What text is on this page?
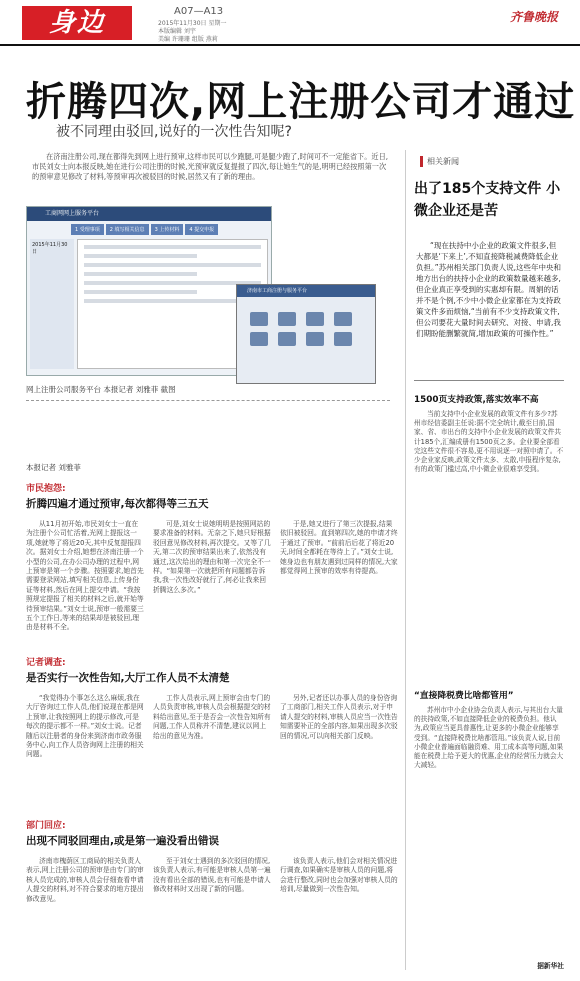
身边	A07—A13
2015年11月30日 星期一
本版编辑 刘宇
美编 许珊珊 组版 燕莉
齐鲁晚报
折腾四次,网上注册公司才通过
被不同理由驳回,说好的一次性告知呢?
在济南注册公司,现在都得先到网上进行预审,这样市民可以少跑腿,可是腿少跑了,时间可不一定能省下。近日,市民刘女士向本报反映,她在进行公司注册的时候,光预审就反复提报了四次,每让她生气的是,明明已经按照第一次的预审意见修改了材料,等预审再次被驳回的时候,居然又有了新的理由。
工商网网上服务平台
1 受理事项	2 填写相关信息	3 上传材料	4 提交申报
2015年11月30日
济南市工商注册与服务平台
网上注册公司服务平台 本报记者 刘雅菲 截图
本报记者 刘雅菲
市民抱怨:
折腾四遍才通过预审,每次都得等三五天
从11月初开始,市民刘女士一直在为注册个公司忙活着,光网上提报这一项,她就等了将近20天,其中反复提报四次。据刘女士介绍,她想在济南注册一个小型的公司,在办公司办理的过程中,网上预审是第一个步骤。按照要求,她首先需要登录网站,填写相关信息,上传身份证等材料,然后在网上提交申请。“我按照规定提报了相关的材料之后,就开始等待预审结果。”刘女士说,预审一般需要三五个工作日,等来的结果却是被驳回,理由是材料不全。
可是,刘女士说她明明是按照网站的要求准备的材料。无奈之下,她只好根据驳回意见修改材料,再次提交。又等了几天,第二次的预审结果出来了,依然没有通过,这次给出的理由和第一次完全不一样。“如果第一次就把所有问题都告诉我,我一次性改好就行了,何必让我来回折腾这么多次。”
于是,她又进行了第三次提报,结果依旧被驳回。直到第四次,她的申请才终于通过了预审。“前前后后花了将近20天,时间全都耗在等待上了。”刘女士说,她身边也有朋友遇到过同样的情况,大家都觉得网上预审的效率有待提高。
记者调查:
是否实行一次性告知,大厅工作人员不太清楚
“我觉得办个事怎么这么麻烦,我在大厅咨询过工作人员,他们说现在都是网上预审,让我按照网上的提示修改,可是每次的提示都不一样。”刘女士说。记者随后以注册者的身份来到济南市政务服务中心,向工作人员咨询网上注册的相关问题。
工作人员表示,网上预审会由专门的人员负责审核,审核人员会根据提交的材料给出意见,至于是否会一次性告知所有问题,工作人员称并不清楚,建议以网上给出的意见为准。
另外,记者还以办事人员的身份咨询了工商部门,相关工作人员表示,对于申请人提交的材料,审核人员应当一次性告知需要补正的全部内容,如果出现多次驳回的情况,可以向相关部门反映。
部门回应:
出现不同驳回理由,或是第一遍没看出错误
济南市槐荫区工商局的相关负责人表示,网上注册公司的预审是由专门的审核人员完成的,审核人员会仔细查看申请人提交的材料,对不符合要求的地方提出修改意见。
至于刘女士遇到的多次驳回的情况,该负责人表示,有可能是审核人员第一遍没有看出全部的错误,也有可能是申请人修改材料时又出现了新的问题。
该负责人表示,他们会对相关情况进行调查,如果确实是审核人员的问题,将会进行整改,同时也会加强对审核人员的培训,尽量做到一次性告知。
相关新闻
出了185个支持文件 小微企业还是苦
“现在扶持中小企业的政策文件很多,但大都是‘下来上’,不知直接降税减费降低企业负担。”苏州相关部门负责人说,这些年中央和地方出台的扶持小企业的政策数量越来越多,但企业真正享受到的实惠却有限。周娟的话并不是个例,不少中小微企业家都在为支持政策文件多而烦恼,“当前有不少支持政策文件,但公司要花大量时间去研究、对接、申请,我们期盼能删繁就简,增加政策的可操作性。”
1500页支持政策,落实效率不高
当前支持中小企业发展的政策文件有多少?苏州市经信委副主任说:据不完全统计,截至目前,国家、省、市出台的支持中小企业发展的政策文件共计185个,汇编成册有1500页之多。企业要全部看完这些文件很不容易,更不用说逐一对照申请了。不少企业家反映,政策文件太多、太散,申报程序复杂,有的政策门槛过高,中小微企业很难享受到。
“直接降税费比啥都管用”
苏州市中小企业协会负责人表示,与其出台大量的扶持政策,不如直接降低企业的税费负担。他认为,政策应当更具普惠性,让更多的小微企业能够享受到。“直接降税费比啥都管用。”该负责人说,目前小微企业普遍面临融资难、用工成本高等问题,如果能在税费上给予更大的优惠,企业的经营压力就会大大减轻。
据新华社
